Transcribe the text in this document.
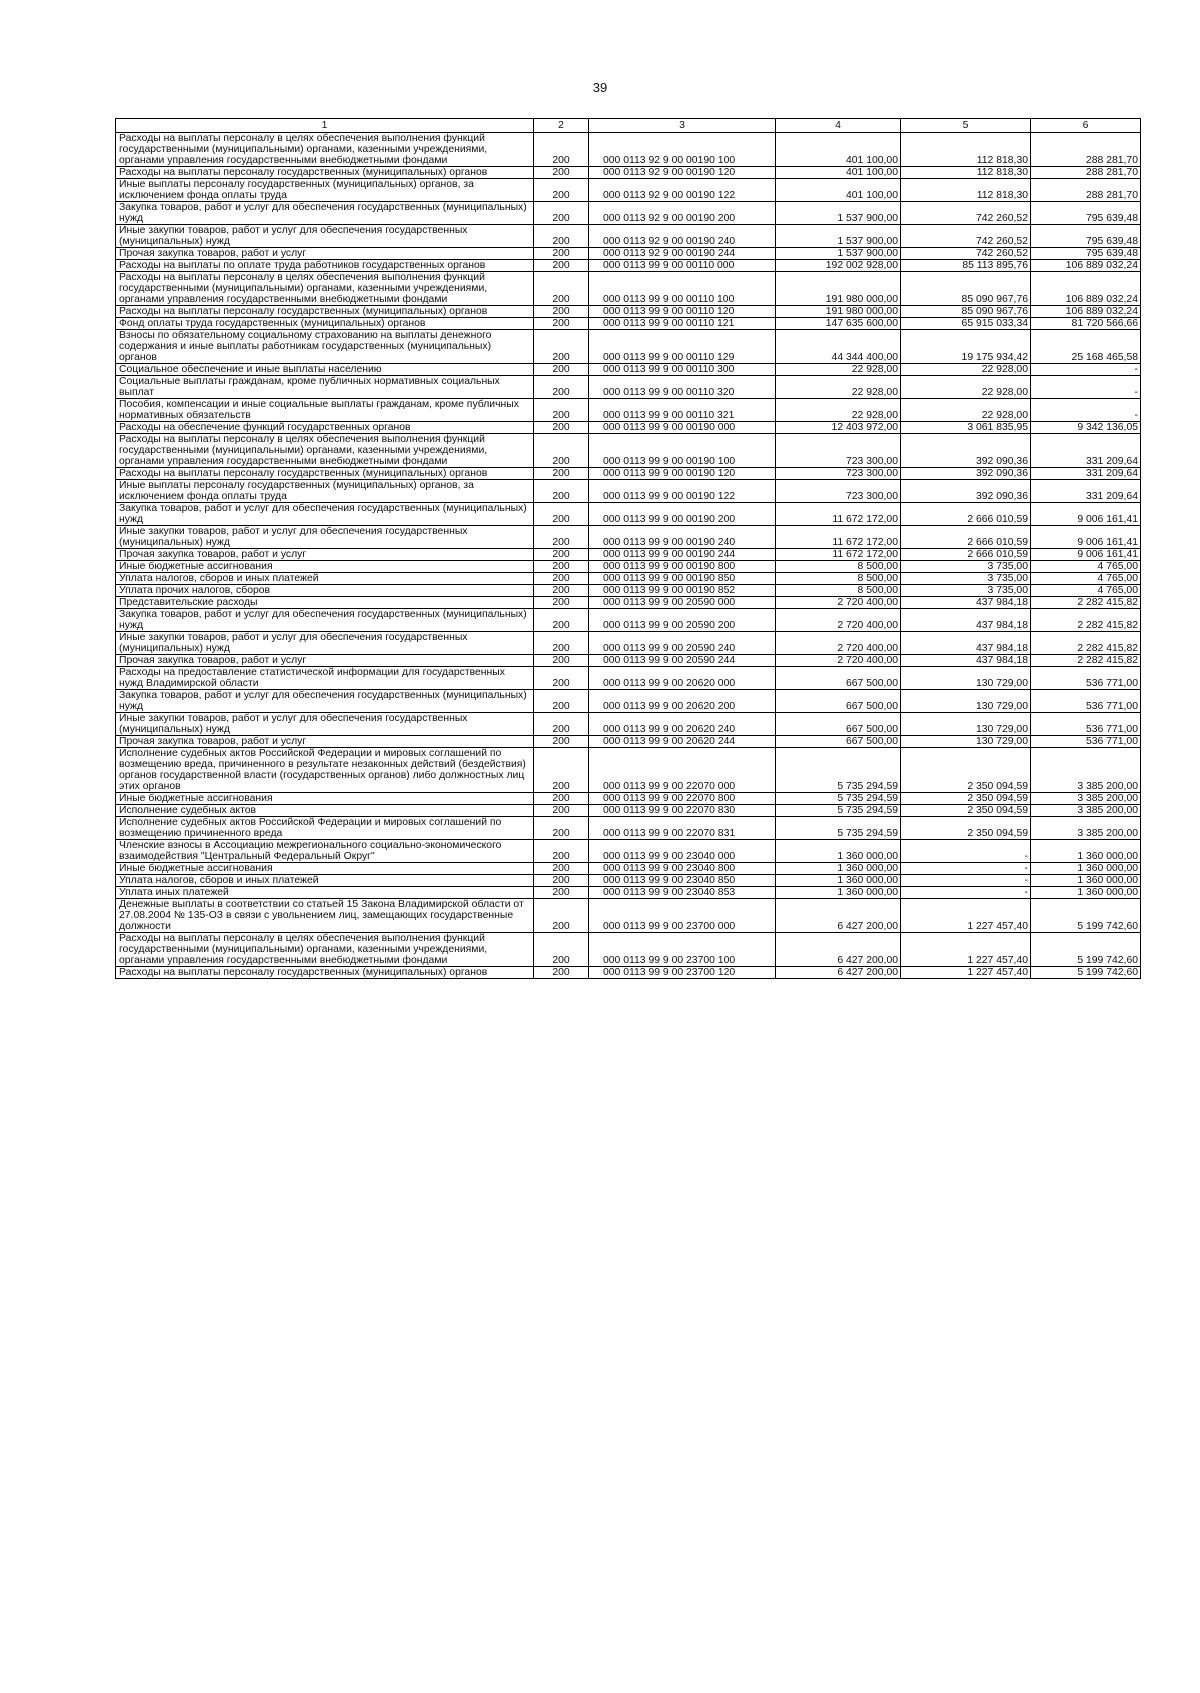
39
1	2	3	4	5	6
Расходы на выплаты персоналу в целях обеспечения выполнения функций государственными (муниципальными) органами, казенными учреждениями, органами управления государственными внебюджетными фондами	200	000 0113 92 9 00 00190 100	401 100,00	112 818,30	288 281,70
Расходы на выплаты персоналу государственных (муниципальных) органов	200	000 0113 92 9 00 00190 120	401 100,00	112 818,30	288 281,70
Иные выплаты персоналу государственных (муниципальных) органов, за исключением фонда оплаты труда	200	000 0113 92 9 00 00190 122	401 100,00	112 818,30	288 281,70
Закупка товаров, работ и услуг для обеспечения государственных (муниципальных) нужд	200	000 0113 92 9 00 00190 200	1 537 900,00	742 260,52	795 639,48
Иные закупки товаров, работ и услуг для обеспечения государственных (муниципальных) нужд	200	000 0113 92 9 00 00190 240	1 537 900,00	742 260,52	795 639,48
Прочая закупка товаров, работ и услуг	200	000 0113 92 9 00 00190 244	1 537 900,00	742 260,52	795 639,48
Расходы на выплаты по оплате труда работников государственных органов	200	000 0113 99 9 00 00110 000	192 002 928,00	85 113 895,76	106 889 032,24
Расходы на выплаты персоналу в целях обеспечения выполнения функций государственными (муниципальными) органами, казенными учреждениями, органами управления государственными внебюджетными фондами	200	000 0113 99 9 00 00110 100	191 980 000,00	85 090 967,76	106 889 032,24
Расходы на выплаты персоналу государственных (муниципальных) органов	200	000 0113 99 9 00 00110 120	191 980 000,00	85 090 967,76	106 889 032,24
Фонд оплаты труда государственных (муниципальных) органов	200	000 0113 99 9 00 00110 121	147 635 600,00	65 915 033,34	81 720 566,66
Взносы по обязательному социальному страхованию на выплаты денежного содержания и иные выплаты работникам государственных (муниципальных) органов	200	000 0113 99 9 00 00110 129	44 344 400,00	19 175 934,42	25 168 465,58
Социальное обеспечение и иные выплаты населению	200	000 0113 99 9 00 00110 300	22 928,00	22 928,00	-
Социальные выплаты гражданам, кроме публичных нормативных социальных выплат	200	000 0113 99 9 00 00110 320	22 928,00	22 928,00	-
Пособия, компенсации и иные социальные выплаты гражданам, кроме публичных нормативных обязательств	200	000 0113 99 9 00 00110 321	22 928,00	22 928,00	-
Расходы на обеспечение функций государственных органов	200	000 0113 99 9 00 00190 000	12 403 972,00	3 061 835,95	9 342 136,05
Расходы на выплаты персоналу в целях обеспечения выполнения функций государственными (муниципальными) органами, казенными учреждениями, органами управления государственными внебюджетными фондами	200	000 0113 99 9 00 00190 100	723 300,00	392 090,36	331 209,64
Расходы на выплаты персоналу государственных (муниципальных) органов	200	000 0113 99 9 00 00190 120	723 300,00	392 090,36	331 209,64
Иные выплаты персоналу государственных (муниципальных) органов, за исключением фонда оплаты труда	200	000 0113 99 9 00 00190 122	723 300,00	392 090,36	331 209,64
Закупка товаров, работ и услуг для обеспечения государственных (муниципальных) нужд	200	000 0113 99 9 00 00190 200	11 672 172,00	2 666 010,59	9 006 161,41
Иные закупки товаров, работ и услуг для обеспечения государственных (муниципальных) нужд	200	000 0113 99 9 00 00190 240	11 672 172,00	2 666 010,59	9 006 161,41
Прочая закупка товаров, работ и услуг	200	000 0113 99 9 00 00190 244	11 672 172,00	2 666 010,59	9 006 161,41
Иные бюджетные ассигнования	200	000 0113 99 9 00 00190 800	8 500,00	3 735,00	4 765,00
Уплата налогов, сборов и иных платежей	200	000 0113 99 9 00 00190 850	8 500,00	3 735,00	4 765,00
Уплата прочих налогов, сборов	200	000 0113 99 9 00 00190 852	8 500,00	3 735,00	4 765,00
Представительские расходы	200	000 0113 99 9 00 20590 000	2 720 400,00	437 984,18	2 282 415,82
Закупка товаров, работ и услуг для обеспечения государственных (муниципальных) нужд	200	000 0113 99 9 00 20590 200	2 720 400,00	437 984,18	2 282 415,82
Иные закупки товаров, работ и услуг для обеспечения государственных (муниципальных) нужд	200	000 0113 99 9 00 20590 240	2 720 400,00	437 984,18	2 282 415,82
Прочая закупка товаров, работ и услуг	200	000 0113 99 9 00 20590 244	2 720 400,00	437 984,18	2 282 415,82
Расходы на предоставление статистической информации для государственных нужд Владимирской области	200	000 0113 99 9 00 20620 000	667 500,00	130 729,00	536 771,00
Закупка товаров, работ и услуг для обеспечения государственных (муниципальных) нужд	200	000 0113 99 9 00 20620 200	667 500,00	130 729,00	536 771,00
Иные закупки товаров, работ и услуг для обеспечения государственных (муниципальных) нужд	200	000 0113 99 9 00 20620 240	667 500,00	130 729,00	536 771,00
Прочая закупка товаров, работ и услуг	200	000 0113 99 9 00 20620 244	667 500,00	130 729,00	536 771,00
Исполнение судебных актов Российской Федерации и мировых соглашений по возмещению вреда, причиненного в результате незаконных действий (бездействия) органов государственной власти (государственных органов) либо должностных лиц этих органов	200	000 0113 99 9 00 22070 000	5 735 294,59	2 350 094,59	3 385 200,00
Иные бюджетные ассигнования	200	000 0113 99 9 00 22070 800	5 735 294,59	2 350 094,59	3 385 200,00
Исполнение судебных актов	200	000 0113 99 9 00 22070 830	5 735 294,59	2 350 094,59	3 385 200,00
Исполнение судебных актов Российской Федерации и мировых соглашений по возмещению причиненного вреда	200	000 0113 99 9 00 22070 831	5 735 294,59	2 350 094,59	3 385 200,00
Членские взносы в Ассоциацию межрегионального социально-экономического взаимодействия "Центральный Федеральный Округ"	200	000 0113 99 9 00 23040 000	1 360 000,00	-	1 360 000,00
Иные бюджетные ассигнования	200	000 0113 99 9 00 23040 800	1 360 000,00	-	1 360 000,00
Уплата налогов, сборов и иных платежей	200	000 0113 99 9 00 23040 850	1 360 000,00	-	1 360 000,00
Уплата иных платежей	200	000 0113 99 9 00 23040 853	1 360 000,00	-	1 360 000,00
Денежные выплаты в соответствии со статьей 15 Закона Владимирской области от 27.08.2004 № 135-ОЗ в связи с увольнением лиц, замещающих государственные должности	200	000 0113 99 9 00 23700 000	6 427 200,00	1 227 457,40	5 199 742,60
Расходы на выплаты персоналу в целях обеспечения выполнения функций государственными (муниципальными) органами, казенными учреждениями, органами управления государственными внебюджетными фондами	200	000 0113 99 9 00 23700 100	6 427 200,00	1 227 457,40	5 199 742,60
Расходы на выплаты персоналу государственных (муниципальных) органов	200	000 0113 99 9 00 23700 120	6 427 200,00	1 227 457,40	5 199 742,60
